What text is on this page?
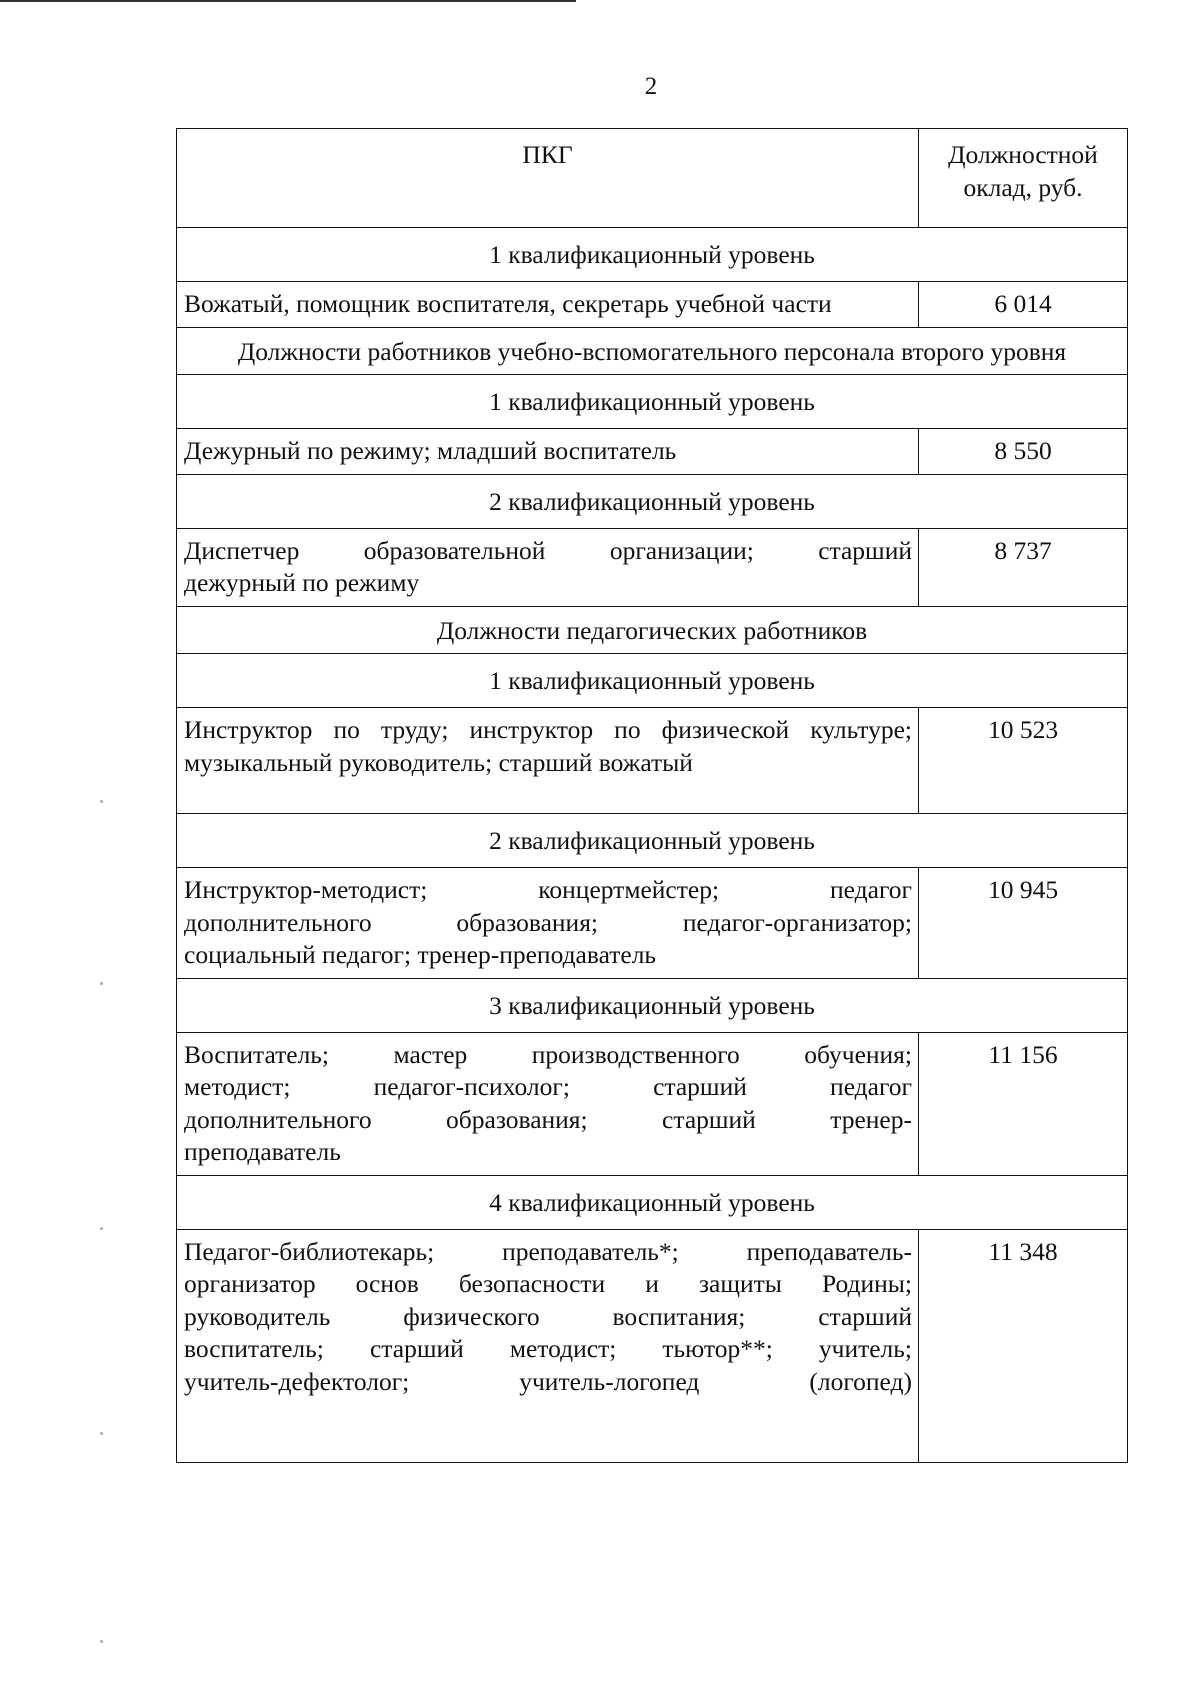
2
ПКГ	Должностной
оклад, руб.
1 квалификационный уровень	

Вожатый, помощник воспитателя, секретарь учебной части	6 014
Должности работников учебно-вспомогательного персонала второго уровня	
1 квалификационный уровень	

Дежурный по режиму; младший воспитатель	8 550
2 квалификационный уровень	

Диспетчер образовательной организации; старший
дежурный по режиму	8 737
Должности педагогических работников	
1 квалификационный уровень	

Инструктор по труду; инструктор по физической культуре;
музыкальный руководитель; старший вожатый	10 523
2 квалификационный уровень	

Инструктор-методист; концертмейстер; педагог
дополнительного образования; педагог-организатор;
социальный педагог; тренер-преподаватель	10 945
3 квалификационный уровень	

Воспитатель; мастер производственного обучения;
методист; педагог-психолог; старший педагог
дополнительного образования; старший тренер-
преподаватель	11 156
4 квалификационный уровень	

Педагог-библиотекарь; преподаватель*; преподаватель-
организатор основ безопасности и защиты Родины;
руководитель физического воспитания; старший
воспитатель; старший методист; тьютор**; учитель;
учитель-дефектолог; учитель-логопед (логопед)	11 348
